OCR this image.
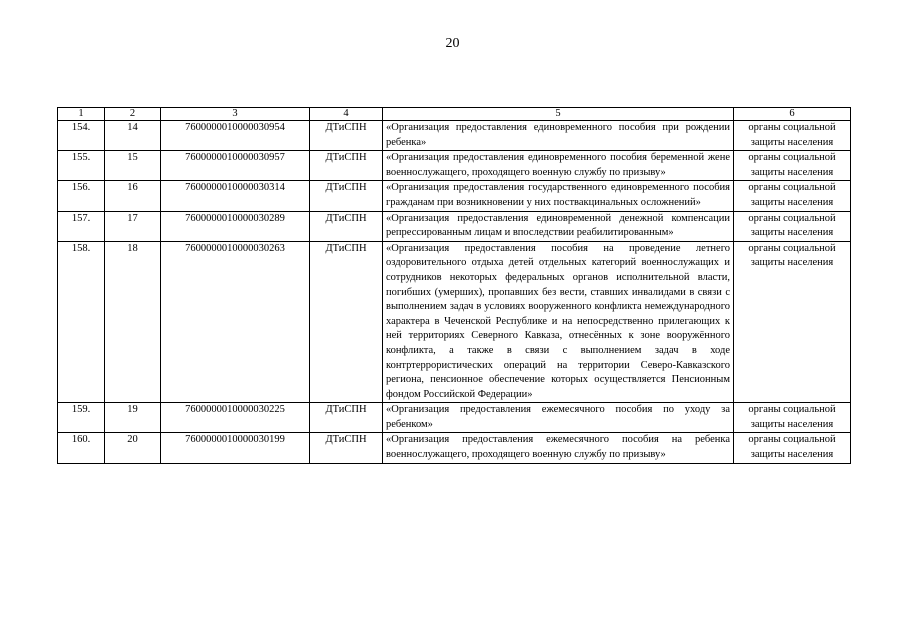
20
1	2	3	4	5	6
154.	14	7600000010000030954	ДТиСПН	«Организация предоставления единовременного пособия при рождении ребенка»	органы социальной защиты населения
155.	15	7600000010000030957	ДТиСПН	«Организация предоставления единовременного пособия беременной жене военнослужащего, проходящего военную службу по призыву»	органы социальной защиты населения
156.	16	7600000010000030314	ДТиСПН	«Организация предоставления государственного единовременного пособия гражданам при возникновении у них поствакцинальных осложнений»	органы социальной защиты населения
157.	17	7600000010000030289	ДТиСПН	«Организация предоставления единовременной денежной компенсации репрессированным лицам и впоследствии реабилитированным»	органы социальной защиты населения
158.	18	7600000010000030263	ДТиСПН	«Организация предоставления пособия на проведение летнего оздоровительного отдыха детей отдельных категорий военнослужащих и сотрудников некоторых федеральных органов исполнительной власти, погибших (умерших), пропавших без вести, ставших инвалидами в связи с выполнением задач в условиях вооруженного конфликта немеждународного характера в Чеченской Республике и на непосредственно прилегающих к ней территориях Северного Кавказа, отнесённых к зоне вооружённого конфликта, а также в связи с выполнением задач в ходе контртеррористических операций на территории Северо-Кавказского региона, пенсионное обеспечение которых осуществляется Пенсионным фондом Российской Федерации»	органы социальной защиты населения
159.	19	7600000010000030225	ДТиСПН	«Организация предоставления ежемесячного пособия по уходу за ребенком»	органы социальной защиты населения
160.	20	7600000010000030199	ДТиСПН	«Организация предоставления ежемесячного пособия на ребенка военнослужащего, проходящего военную службу по призыву»	органы социальной защиты населения
